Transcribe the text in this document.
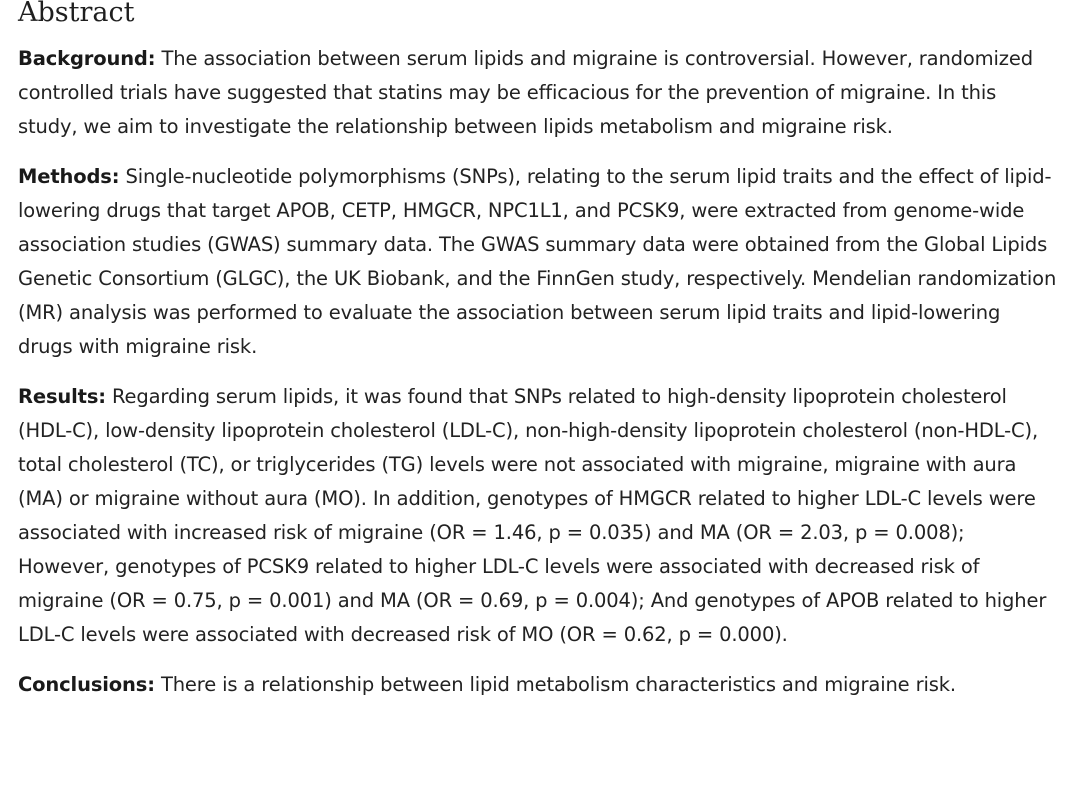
Abstract

Background: The association between serum lipids and migraine is controversial. However, randomized controlled trials have suggested that statins may be efficacious for the prevention of migraine. In this study, we aim to investigate the relationship between lipids metabolism and migraine risk.

Methods: Single-nucleotide polymorphisms (SNPs), relating to the serum lipid traits and the effect of lipid-lowering drugs that target APOB, CETP, HMGCR, NPC1L1, and PCSK9, were extracted from genome-wide association studies (GWAS) summary data. The GWAS summary data were obtained from the Global Lipids Genetic Consortium (GLGC), the UK Biobank, and the FinnGen study, respectively. Mendelian randomization (MR) analysis was performed to evaluate the association between serum lipid traits and lipid-lowering drugs with migraine risk.

Results: Regarding serum lipids, it was found that SNPs related to high-density lipoprotein cholesterol (HDL-C), low-density lipoprotein cholesterol (LDL-C), non-high-density lipoprotein cholesterol (non-HDL-C), total cholesterol (TC), or triglycerides (TG) levels were not associated with migraine, migraine with aura (MA) or migraine without aura (MO). In addition, genotypes of HMGCR related to higher LDL-C levels were associated with increased risk of migraine (OR = 1.46, p = 0.035) and MA (OR = 2.03, p = 0.008); However, genotypes of PCSK9 related to higher LDL-C levels were associated with decreased risk of migraine (OR = 0.75, p = 0.001) and MA (OR = 0.69, p = 0.004); And genotypes of APOB related to higher LDL-C levels were associated with decreased risk of MO (OR = 0.62, p = 0.000).

Conclusions: There is a relationship between lipid metabolism characteristics and migraine risk.
